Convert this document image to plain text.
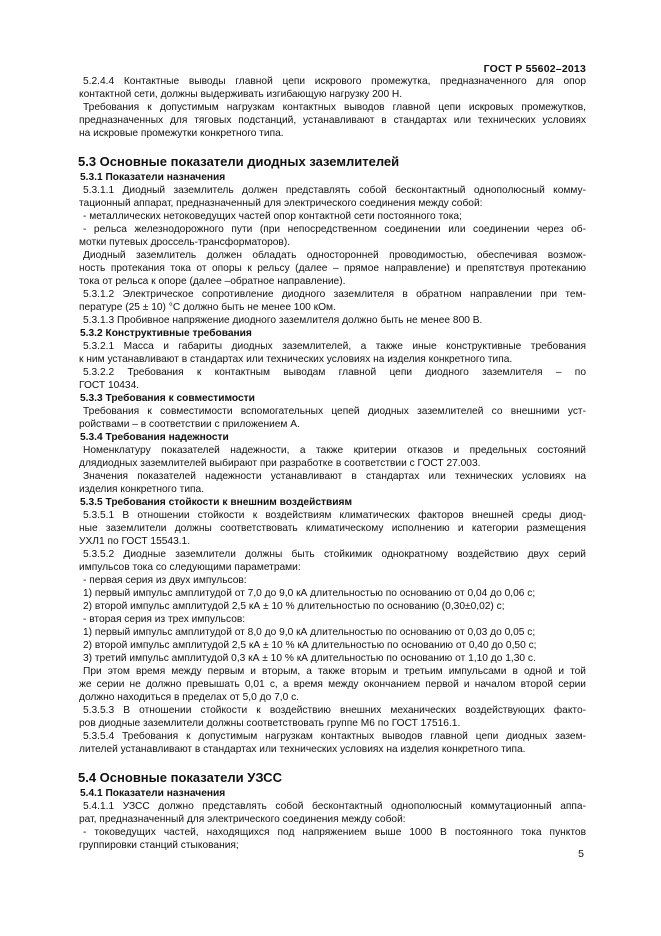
ГОСТ Р 55602–2013
5.2.4.4 Контактные выводы главной цепи искрового промежутка, предназначенного для опор
контактной сети, должны выдерживать изгибающую нагрузку 200 Н.
Требования к допустимым нагрузкам контактных выводов главной цепи искровых промежутков,
предназначенных для тяговых подстанций, устанавливают в стандартах или технических условиях
на искровые промежутки конкретного типа.
5.3 Основные показатели диодных заземлителей
5.3.1 Показатели назначения
5.3.1.1 Диодный заземлитель должен представлять собой бесконтактный однополюсный комму-
тационный аппарат, предназначенный для электрического соединения между собой:
- металлических нетоковедущих частей опор контактной сети постоянного тока;
- рельса железнодорожного пути (при непосредственном соединении или соединении через об-
мотки путевых дроссель-трансформаторов).
Диодный заземлитель должен обладать односторонней проводимостью, обеспечивая возмож-
ность протекания тока от опоры к рельсу (далее – прямое направление) и препятствуя протеканию
тока от рельса к опоре (далее –обратное направление).
5.3.1.2 Электрическое сопротивление диодного заземлителя в обратном направлении при тем-
пературе (25 ± 10) °С должно быть не менее 100 кОм.
5.3.1.3 Пробивное напряжение диодного заземлителя должно быть не менее 800 В.
5.3.2 Конструктивные требования
5.3.2.1 Масса и габариты диодных заземлителей, а также иные конструктивные требования
к ним устанавливают в стандартах или технических условиях на изделия конкретного типа.
5.3.2.2 Требования к контактным выводам главной цепи диодного заземлителя – по
ГОСТ 10434.
5.3.3 Требования к совместимости
Требования к совместимости вспомогательных цепей диодных заземлителей со внешними уст-
ройствами – в соответствии с приложением А.
5.3.4 Требования надежности
Номенклатуру показателей надежности, а также критерии отказов и предельных состояний
длядиодных заземлителей выбирают при разработке в соответствии с ГОСТ 27.003.
Значения показателей надежности устанавливают в стандартах или технических условиях на
изделия конкретного типа.
5.3.5 Требования стойкости к внешним воздействиям
5.3.5.1 В отношении стойкости к воздействиям климатических факторов внешней среды диод-
ные заземлители должны соответствовать климатическому исполнению и категории размещения
УХЛ1 по ГОСТ 15543.1.
5.3.5.2 Диодные заземлители должны быть стойкимик однократному воздействию двух серий
импульсов тока со следующими параметрами:
- первая серия из двух импульсов:
1) первый импульс амплитудой от 7,0 до 9,0 кА длительностью по основанию от 0,04 до 0,06 с;
2) второй импульс амплитудой 2,5 кА ± 10 % длительностью по основанию (0,30±0,02) с;
- вторая серия из трех импульсов:
1) первый импульс амплитудой от 8,0 до 9,0 кА длительностью по основанию от 0,03 до 0,05 с;
2) второй импульс амплитудой 2,5 кА ± 10 % кА длительностью по основанию от 0,40 до 0,50 с;
3) третий импульс амплитудой 0,3 кА ± 10 % кА длительностью по основанию от 1,10 до 1,30 с.
При этом время между первым и вторым, а также вторым и третьим импульсами в одной и той
же серии не должно превышать 0,01 с, а время между окончанием первой и началом второй серии
должно находиться в пределах от 5,0 до 7,0 с.
5.3.5.3 В отношении стойкости к воздействию внешних механических воздействующих факто-
ров диодные заземлители должны соответствовать группе М6 по ГОСТ 17516.1.
5.3.5.4 Требования к допустимым нагрузкам контактных выводов главной цепи диодных зазем-
лителей устанавливают в стандартах или технических условиях на изделия конкретного типа.
5.4 Основные показатели УЗСС
5.4.1 Показатели назначения
5.4.1.1 УЗСС должно представлять собой бесконтактный однополюсный коммутационный аппа-
рат, предназначенный для электрического соединения между собой:
- токоведущих частей, находящихся под напряжением выше 1000 В постоянного тока пунктов
группировки станций стыкования;
5
